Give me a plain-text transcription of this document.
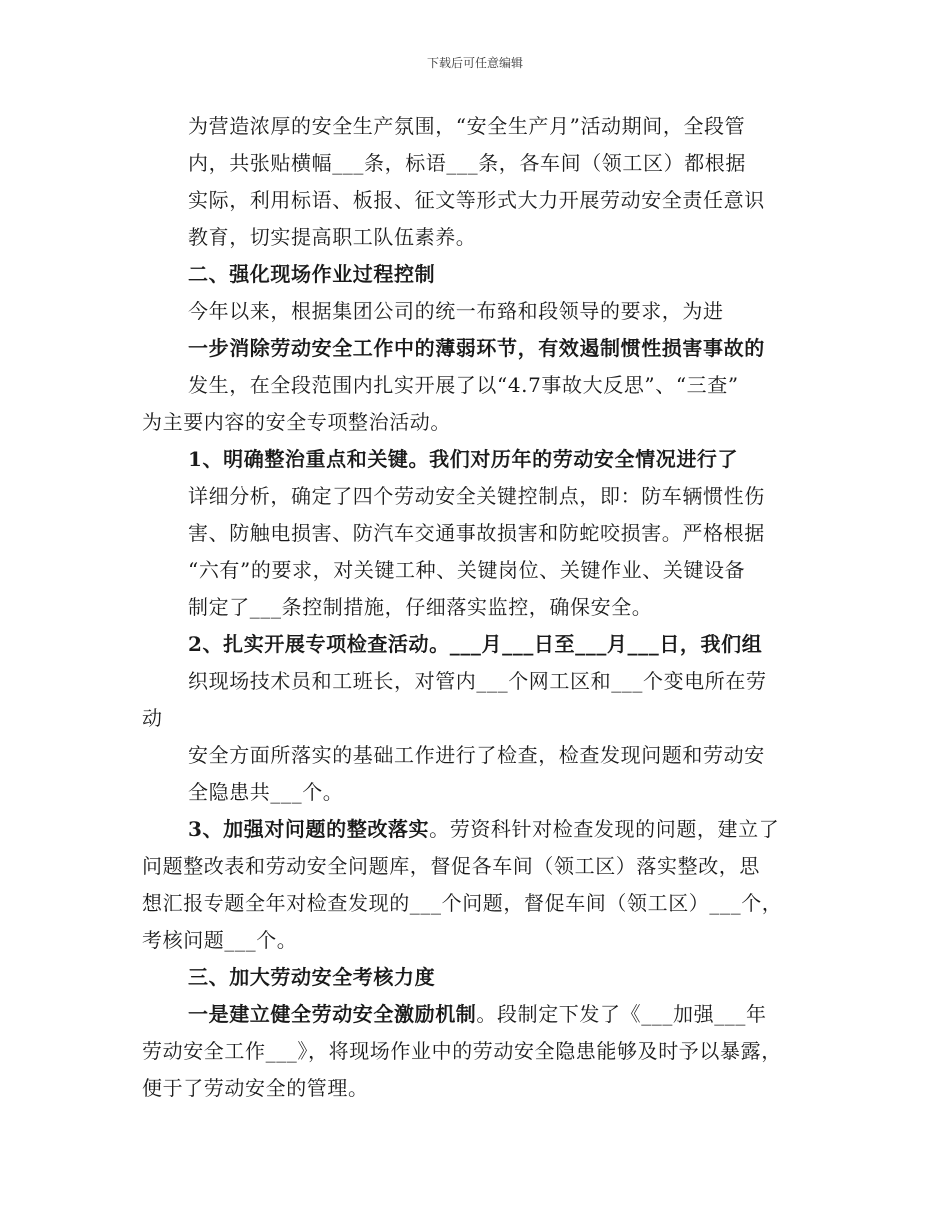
下载后可任意编辑
为营造浓厚的安全生产氛围，“安全生产月”活动期间，全段管
内，共张贴横幅___条，标语___条，各车间（领工区）都根据
实际，利用标语、板报、征文等形式大力开展劳动安全责任意识
教育，切实提高职工队伍素养。
二、强化现场作业过程控制
今年以来，根据集团公司的统一布臵和段领导的要求，为进
一步消除劳动安全工作中的薄弱环节，有效遏制惯性损害事故的
发生，在全段范围内扎实开展了以“4.7事故大反思”、“三查”
为主要内容的安全专项整治活动。
1、明确整治重点和关键。我们对历年的劳动安全情况进行了
详细分析，确定了四个劳动安全关键控制点，即：防车辆惯性伤
害、防触电损害、防汽车交通事故损害和防蛇咬损害。严格根据
“六有”的要求，对关键工种、关键岗位、关键作业、关键设备
制定了___条控制措施，仔细落实监控，确保安全。
2、扎实开展专项检查活动。___月___日至___月___日，我们组
织现场技术员和工班长，对管内___个网工区和___个变电所在劳
动
安全方面所落实的基础工作进行了检查，检查发现问题和劳动安
全隐患共___个。
3、加强对问题的整改落实。劳资科针对检查发现的问题，建立了
问题整改表和劳动安全问题库，督促各车间（领工区）落实整改，思
想汇报专题全年对检查发现的___个问题，督促车间（领工区）___个，
考核问题___个。
三、加大劳动安全考核力度
一是建立健全劳动安全激励机制。段制定下发了《___加强___年
劳动安全工作___》，将现场作业中的劳动安全隐患能够及时予以暴露，
便于了劳动安全的管理。
